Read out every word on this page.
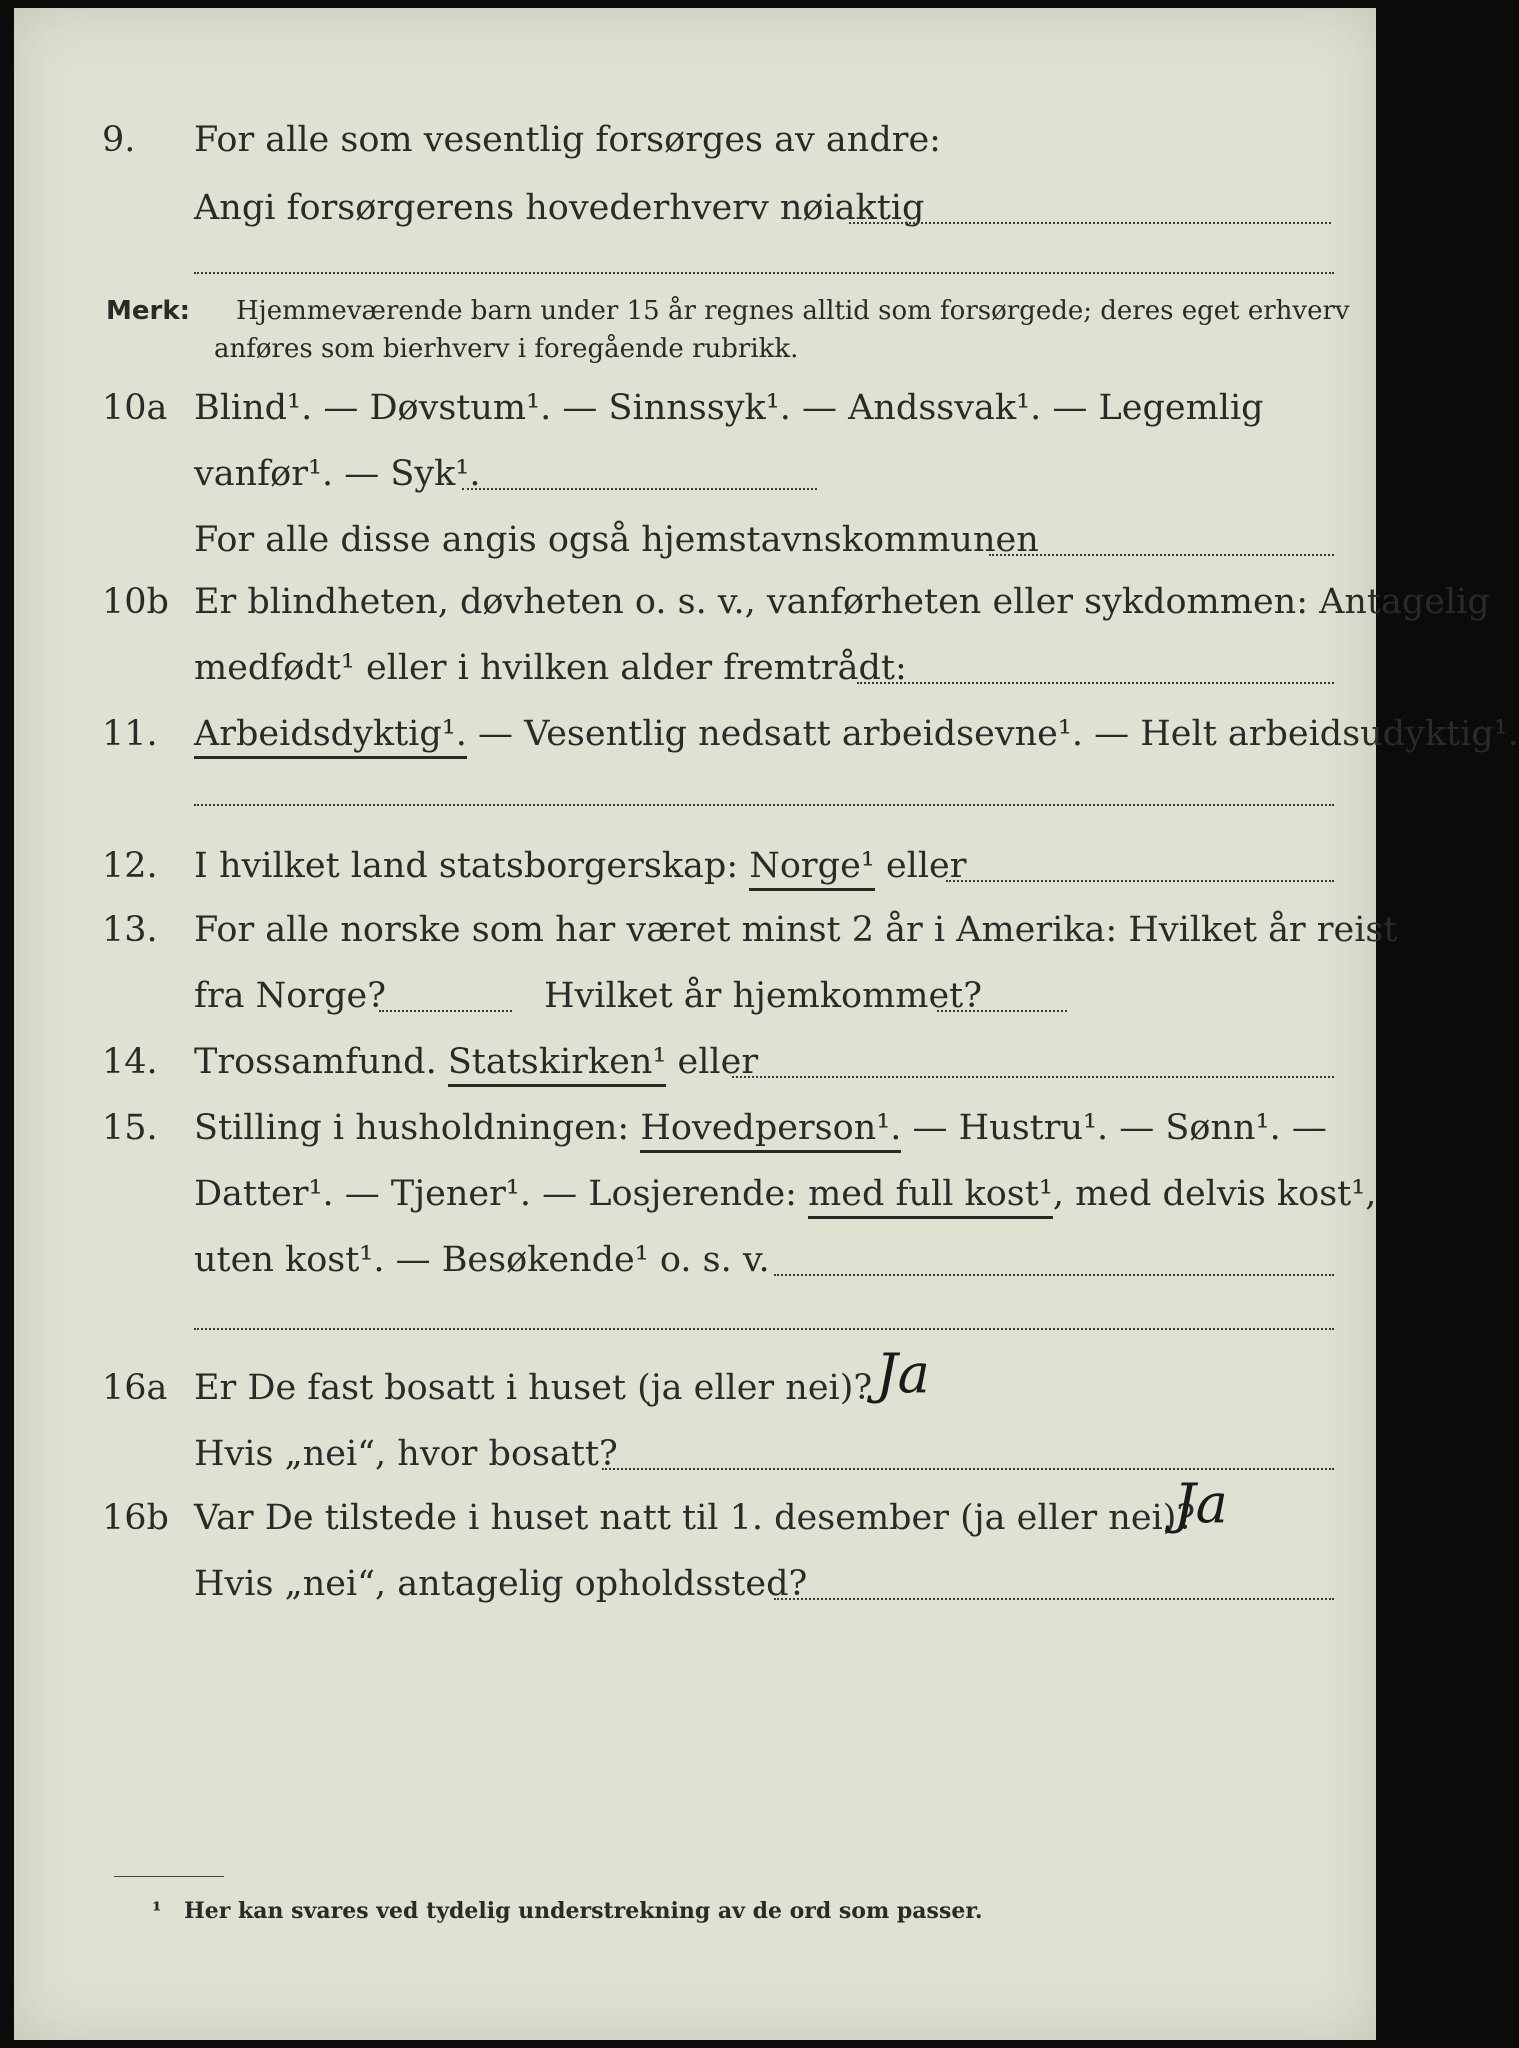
9. For alle som vesentlig forsørges av andre:
Angi forsørgerens hovederhverv nøiaktig
Merk: Hjemmeværende barn under 15 år regnes alltid som forsørgede; deres eget erhverv
anføres som bierhverv i foregående rubrikk.
10a Blind¹. — Døvstum¹. — Sinnssyk¹. — Andssvak¹. — Legemlig
vanfør¹. — Syk¹.
For alle disse angis også hjemstavnskommunen
10b Er blindheten, døvheten o. s. v., vanførheten eller sykdommen: Antagelig
medfødt¹ eller i hvilken alder fremtrådt:
11. Arbeidsdyktig¹. — Vesentlig nedsatt arbeidsevne¹. — Helt arbeidsudyktig¹.
12. I hvilket land statsborgerskap: Norge¹ eller
13. For alle norske som har været minst 2 år i Amerika: Hvilket år reist
fra Norge?	Hvilket år hjemkommet?
14. Trossamfund. Statskirken¹ eller
15. Stilling i husholdningen: Hovedperson¹. — Hustru¹. — Sønn¹. —
Datter¹. — Tjener¹. — Losjerende: med full kost¹, med delvis kost¹,
uten kost¹. — Besøkende¹ o. s. v.
16a Er De fast bosatt i huset (ja eller nei)? Ja
Hvis „nei“, hvor bosatt?
16b Var De tilstede i huset natt til 1. desember (ja eller nei)?
Ja
Hvis „nei“, antagelig opholdssted?
¹ Her kan svares ved tydelig understrekning av de ord som passer.
